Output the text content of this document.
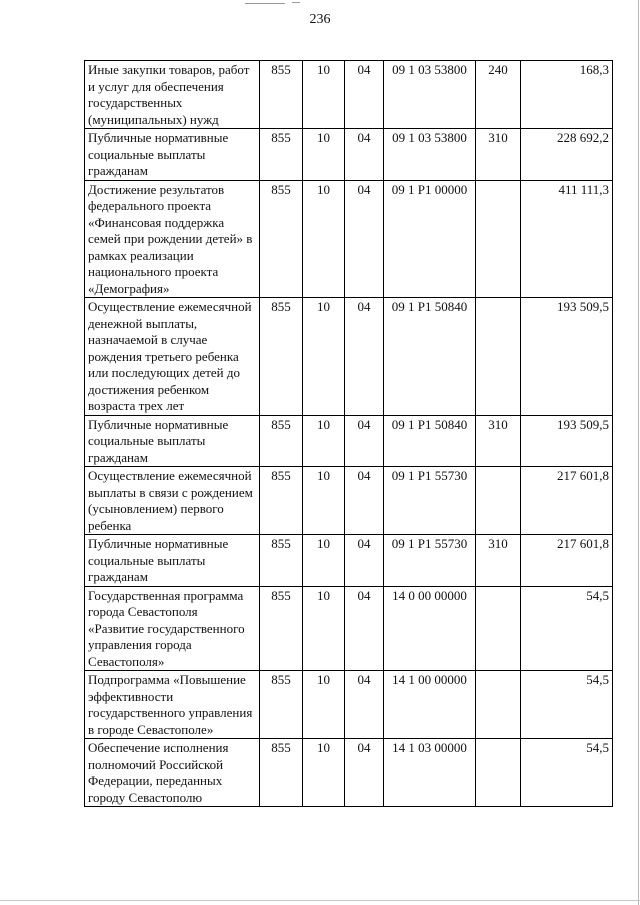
236
Иные закупки товаров, работ и услуг для обеспечения государственных (муниципальных) нужд	855	10	04	09 1 03 53800	240	168,3
Публичные нормативные социальные выплаты гражданам	855	10	04	09 1 03 53800	310	228 692,2
Достижение результатов федерального проекта «Финансовая поддержка семей при рождении детей» в рамках реализации национального проекта «Демография»	855	10	04	09 1 P1 00000		411 111,3
Осуществление ежемесячной денежной выплаты, назначаемой в случае рождения третьего ребенка или последующих детей до достижения ребенком возраста трех лет	855	10	04	09 1 P1 50840		193 509,5
Публичные нормативные социальные выплаты гражданам	855	10	04	09 1 P1 50840	310	193 509,5
Осуществление ежемесячной выплаты в связи с рождением (усыновлением) первого ребенка	855	10	04	09 1 P1 55730		217 601,8
Публичные нормативные социальные выплаты гражданам	855	10	04	09 1 P1 55730	310	217 601,8
Государственная программа города Севастополя «Развитие государственного управления города Севастополя»	855	10	04	14 0 00 00000		54,5
Подпрограмма «Повышение эффективности государственного управления в городе Севастополе»	855	10	04	14 1 00 00000		54,5
Обеспечение исполнения полномочий Российской Федерации, переданных городу Севастополю	855	10	04	14 1 03 00000		54,5
